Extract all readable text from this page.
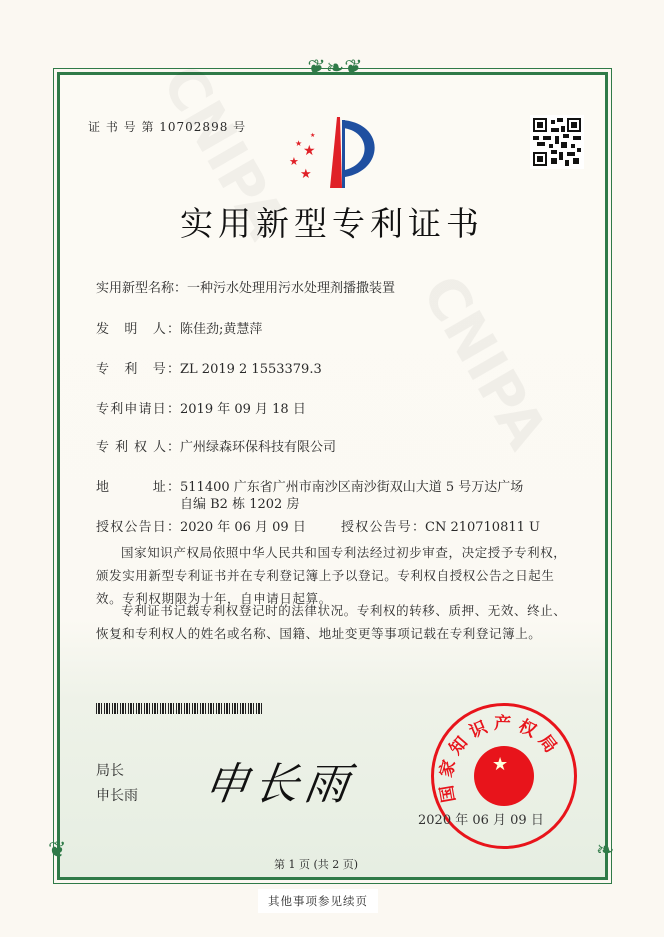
❦❧❦
❦	❧
证 书 号 第 10702898 号
★
★
★
★
★
实用新型专利证书
实用新型名称：一种污水处理用污水处理剂播撒装置
发　明　人：陈佳劲;黄慧萍
专　利　号：ZL 2019 2 1553379.3
专利申请日：2019 年 09 月 18 日
专 利 权 人：广州绿森环保科技有限公司
地　　　址：511400 广东省广州市南沙区南沙街双山大道 5 号万达广场
自编 B2 栋 1202 房
授权公告日：2020 年 06 月 09 日	授权公告号：CN 210710811 U

国家知识产权局依照中华人民共和国专利法经过初步审查，决定授予专利权，颁发实用新型专利证书并在专利登记簿上予以登记。专利权自授权公告之日起生效。专利权期限为十年，自申请日起算。

专利证书记载专利权登记时的法律状况。专利权的转移、质押、无效、终止、恢复和专利权人的姓名或名称、国籍、地址变更等事项记载在专利登记簿上。

局长
申长雨 申长雨	国家知识产权局
★
2020 年 06 月 09 日
第 1 页 (共 2 页)
其他事项参见续页
